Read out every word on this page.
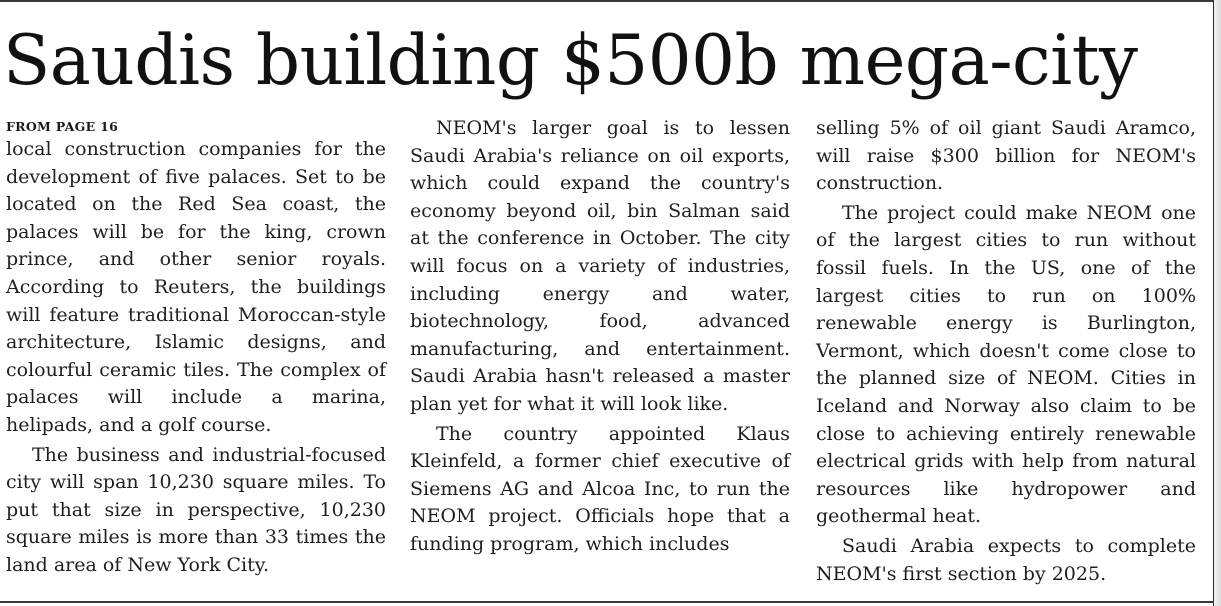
Saudis building $500b mega-city
FROM PAGE 16

local construction companies for the development of five palaces. Set to be located on the Red Sea coast, the palaces will be for the king, crown prince, and other senior royals. According to Reuters, the buildings will feature traditional Moroccan-style architecture, Islamic designs, and colourful ceramic tiles. The complex of palaces will include a marina, helipads, and a golf course.

The business and industrial-focused city will span 10,230 square miles. To put that size in perspective, 10,230 square miles is more than 33 times the land area of New York City.

NEOM's larger goal is to lessen Saudi Arabia's reliance on oil exports, which could expand the country's economy beyond oil, bin Salman said at the conference in October. The city will focus on a variety of industries, including energy and water, biotechnology, food, advanced manufacturing, and entertainment. Saudi Arabia hasn't released a master plan yet for what it will look like.

The country appointed Klaus Kleinfeld, a former chief executive of Siemens AG and Alcoa Inc, to run the NEOM project. Officials hope that a funding program, which includes

selling 5% of oil giant Saudi Aramco, will raise $300 billion for NEOM's construction.

The project could make NEOM one of the largest cities to run without fossil fuels. In the US, one of the largest cities to run on 100% renewable energy is Burlington, Vermont, which doesn't come close to the planned size of NEOM. Cities in Iceland and Norway also claim to be close to achieving entirely renewable electrical grids with help from natural resources like hydropower and geothermal heat.

Saudi Arabia expects to complete NEOM's first section by 2025.
